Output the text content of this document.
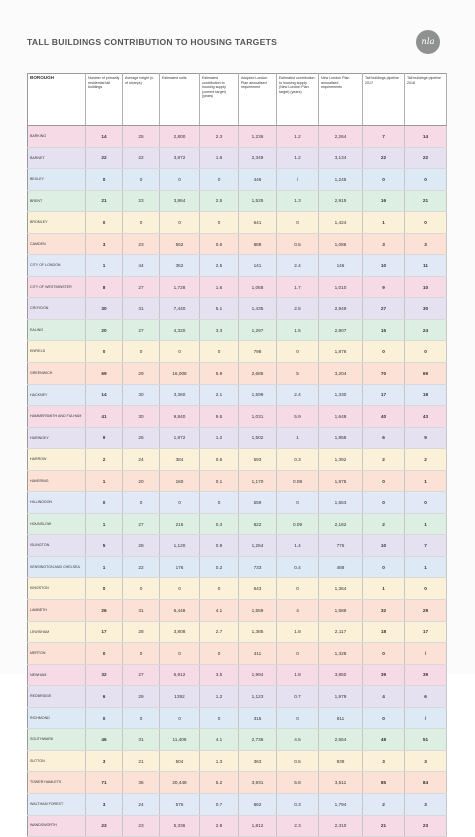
TALL BUILDINGS CONTRIBUTION TO HOUSING TARGETS	nla
BOROUGH	Number of primarily residential tall buildings	Average height (n. of storeys)	Estimated units	Estimated contribution to housing supply (current target) (years)	Adopted London Plan annualised requirement	Estimated contribution to housing supply (New London Plan target) (years)	New London Plan annualised requirements	Tall buildings pipeline 2017	Tall buildings pipeline 2018
BARKING	14	25	2,800	2.3	1,236	1.2	2,264	7	14
BARNET	22	22	3,872	1.6	2,349	1.2	3,134	22	22
BEXLEY	0	0	0	0	446	/	1,245	0	0
BRENT	21	23	3,864	2.5	1,525	1.3	2,915	16	21
BROMLEY	0	0	0	0	641	0	1,424	1	0
CAMDEN	3	23	552	0.6	889	0.5	1,086	3	3
CITY OF LONDON	1	44	352	2.5	141	2.4	146	10	11
CITY OF WESTMINSTER	8	27	1,728	1.6	1,068	1.7	1,010	9	10
CROYDON	30	31	7,440	5.1	1,435	2.5	2,949	27	30
EALING	20	27	4,320	3.3	1,297	1.5	2,807	15	24
ENFIELD	0	0	0	0	798	0	1,876	0	0
GREENWICH	69	29	16,008	5.9	2,685	5	3,204	70	69
HACKNEY	14	30	3,360	2.1	1,599	2.4	1,330	17	18
HAMMERSMITH AND FULHAM	41	30	9,840	9.5	1,031	5.9	1,648	40	43
HARINGEY	9	26	1,872	1.2	1,502	1	1,958	6	9
HARROW	2	24	384	0.6	593	0.3	1,392	2	2
HAVERING	1	20	160	0.1	1,170	0.08	1,875	0	1
HILLINGDON	0	0	0	0	559	0	1,553	0	0
HOUNSLOW	1	27	216	0.3	822	0.09	2,182	2	1
ISLINGTON	5	28	1,120	0.9	1,264	1.4	775	10	7
KENSINGTON AND CHELSEA	1	22	176	0.2	733	0.4	488	0	1
KINGSTON	0	0	0	0	643	0	1,364	1	0
LAMBETH	26	31	6,448	4.1	1,559	4	1,589	32	29
LEWISHAM	17	28	3,808	2.7	1,385	1.8	2,117	18	17
MERTON	0	0	0	0	411	0	1,328	0	/
NEWHAM	32	27	6,912	3.5	1,994	1.8	3,850	39	39
REDBRIDGE	6	29	1392	1.2	1,123	0.7	1,979	4	6
RICHMOND	0	0	0	0	315	0	811	0	/
SOUTHWARK	46	31	11,408	4.1	2,736	4.5	2,554	48	51
SUTTON	3	21	504	1.3	363	0.5	939	3	3
TOWER HAMLETS	71	36	20,448	5.2	3,931	5.8	3,511	85	84
WALTHAM FOREST	3	24	576	0.7	862	0.3	1,794	2	3
WANDSWORTH	23	23	5,336	2.9	1,812	2.3	2,310	21	23
